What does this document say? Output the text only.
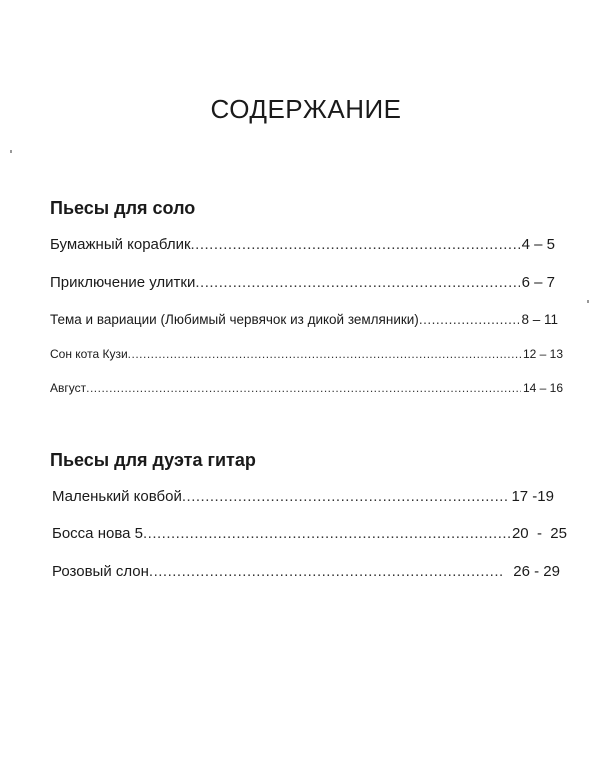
СОДЕРЖАНИЕ
Пьесы для соло
Бумажный кораблик .....	4 – 5
Приключение улитки .....	6 – 7
Тема и вариации (Любимый червячок из дикой земляники) .....	8 – 11
Сон кота Кузи .....	12 – 13
Август .....	14 – 16
Пьесы для дуэта гитар
Маленький ковбой .....	17 -19
Босса нова 5 .....	20  -  25
Розовый слон .....	26 - 29
